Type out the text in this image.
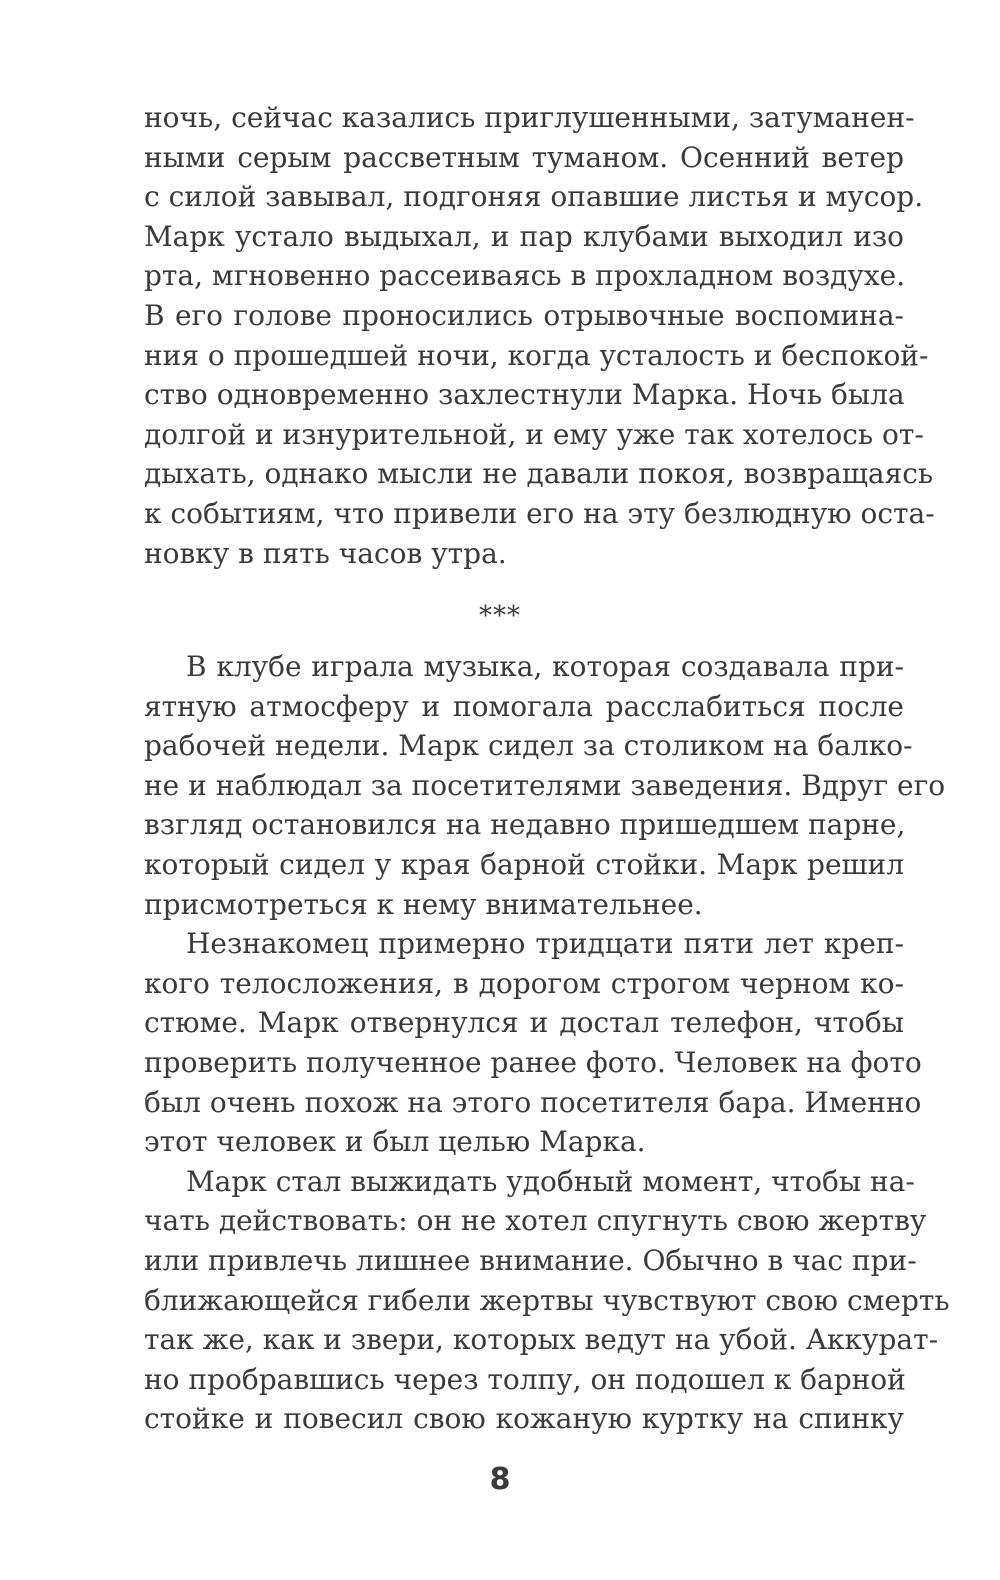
ночь, сейчас казались приглушенными, затуманен-
ными серым рассветным туманом. Осенний ветер
с силой завывал, подгоняя опавшие листья и мусор.
Марк устало выдыхал, и пар клубами выходил изо
рта, мгновенно рассеиваясь в прохладном воздухе.
В его голове проносились отрывочные воспомина-
ния о прошедшей ночи, когда усталость и беспокой-
ство одновременно захлестнули Марка. Ночь была
долгой и изнурительной, и ему уже так хотелось от-
дыхать, однако мысли не давали покоя, возвращаясь
к событиям, что привели его на эту безлюдную оста-
новку в пять часов утра.
***
В клубе играла музыка, которая создавала при-
ятную атмосферу и помогала расслабиться после
рабочей недели. Марк сидел за столиком на балко-
не и наблюдал за посетителями заведения. Вдруг его
взгляд остановился на недавно пришедшем парне,
который сидел у края барной стойки. Марк решил
присмотреться к нему внимательнее.
Незнакомец примерно тридцати пяти лет креп-
кого телосложения, в дорогом строгом черном ко-
стюме. Марк отвернулся и достал телефон, чтобы
проверить полученное ранее фото. Человек на фото
был очень похож на этого посетителя бара. Именно
этот человек и был целью Марка.
Марк стал выжидать удобный момент, чтобы на-
чать действовать: он не хотел спугнуть свою жертву
или привлечь лишнее внимание. Обычно в час при-
ближающейся гибели жертвы чувствуют свою смерть
так же, как и звери, которых ведут на убой. Аккурат-
но пробравшись через толпу, он подошел к барной
стойке и повесил свою кожаную куртку на спинку
8
